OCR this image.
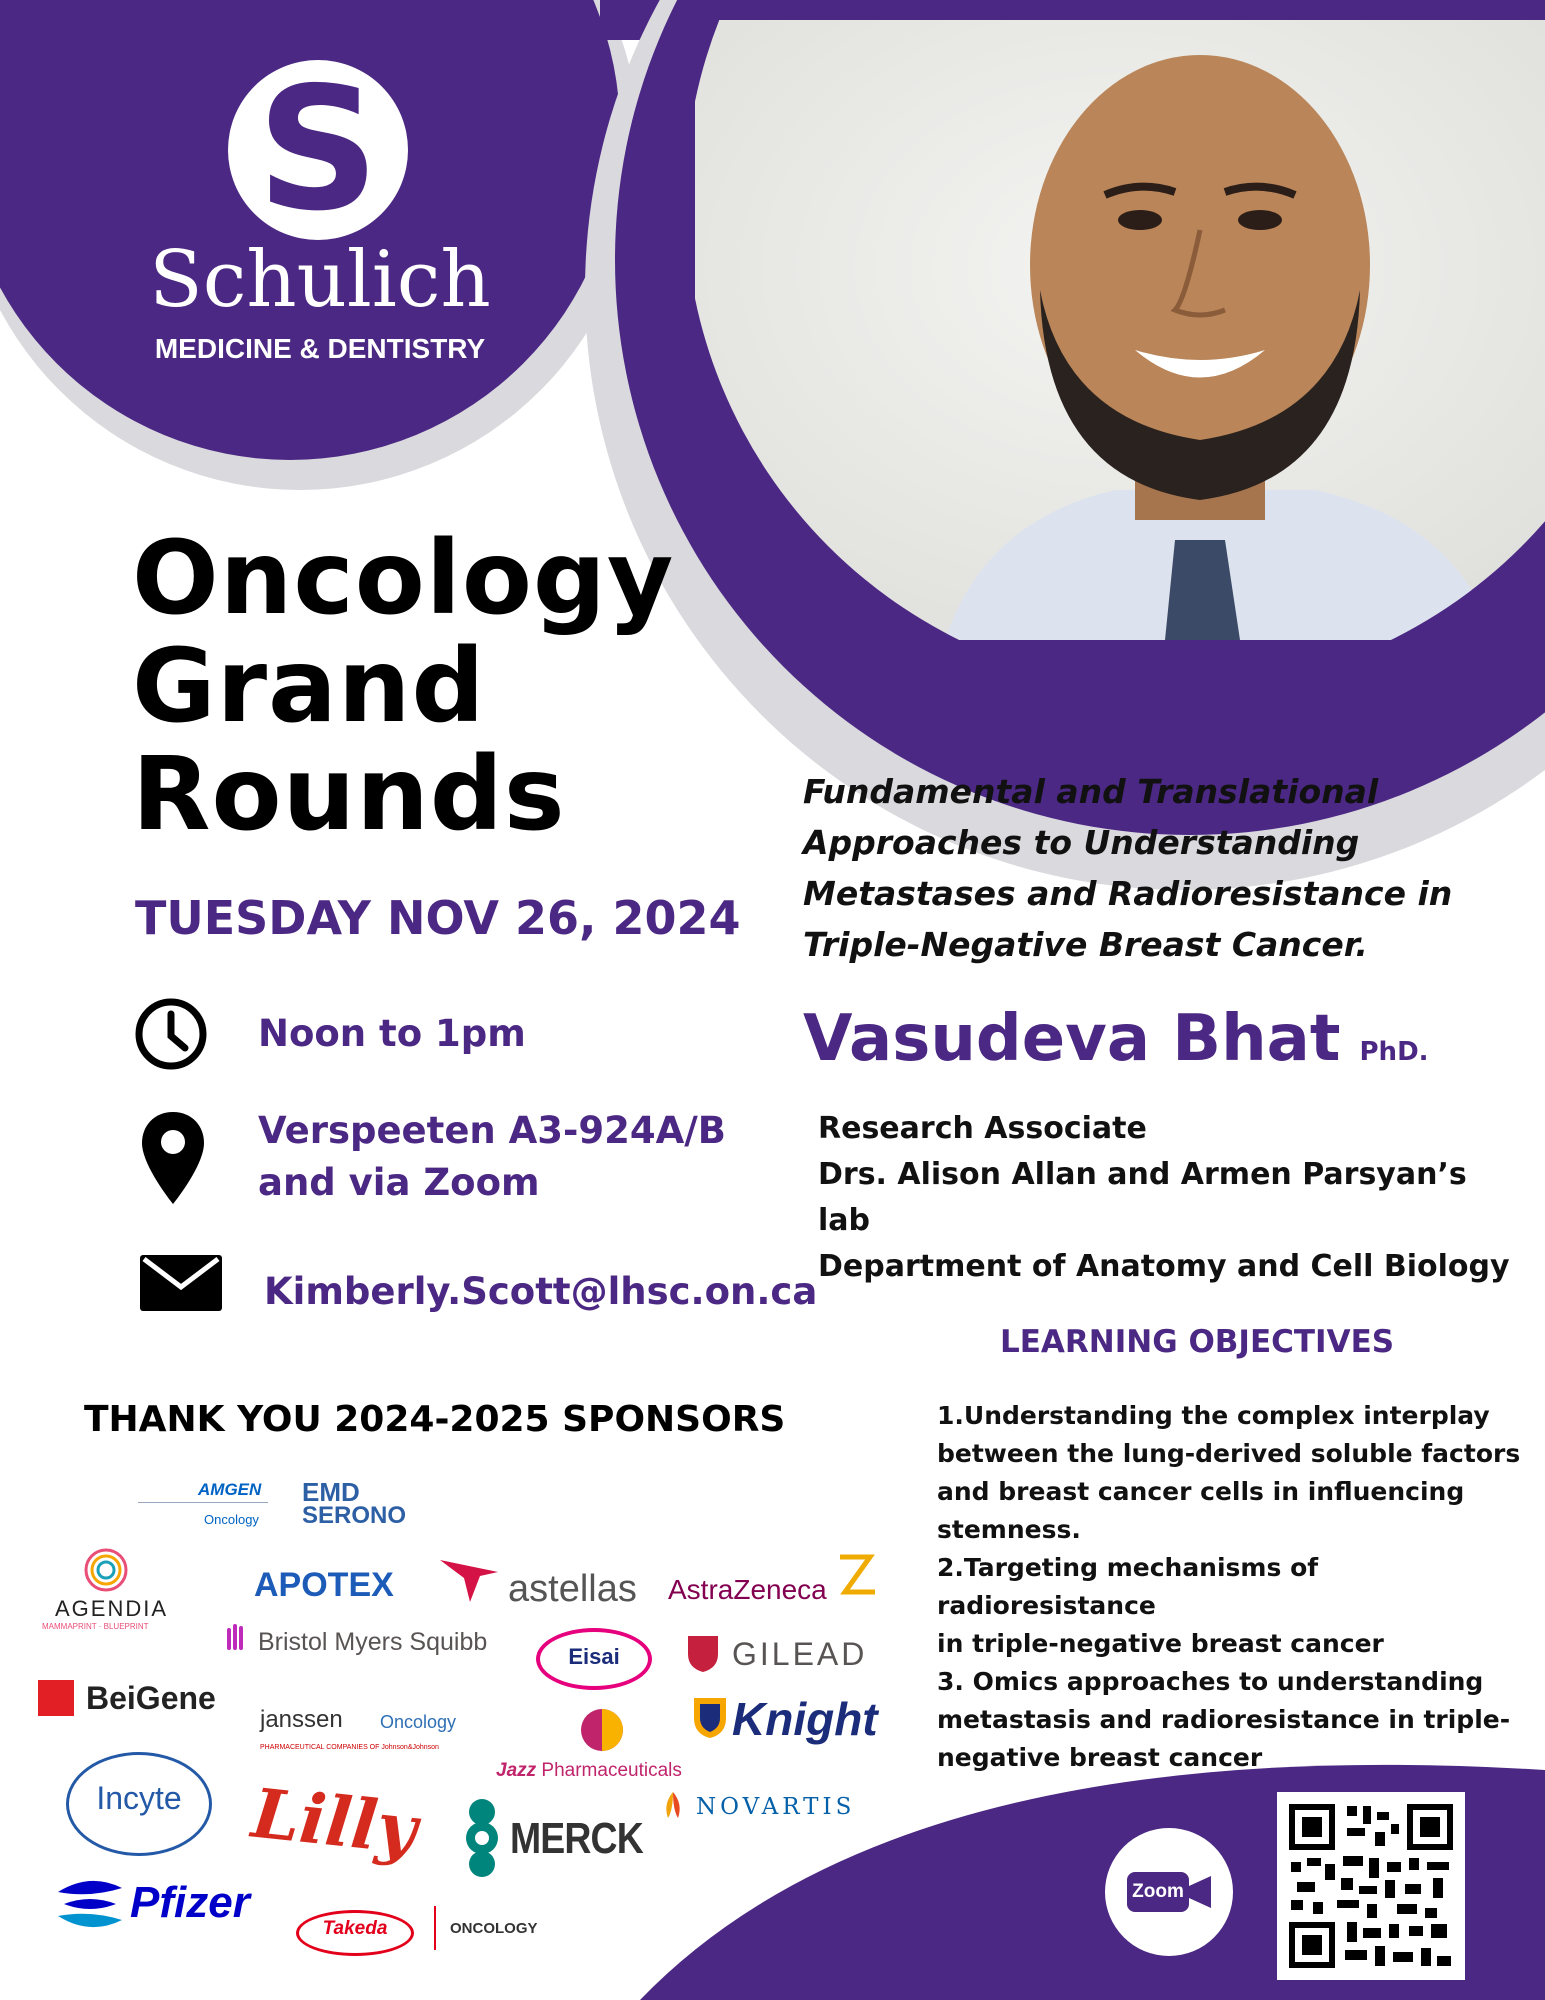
S
Schulich
MEDICINE & DENTISTRY
Oncology
Grand
Rounds
TUESDAY NOV 26, 2024
Noon to 1pm
Verspeeten A3-924A/B
and via Zoom
Kimberly.Scott@lhsc.on.ca
Fundamental and Translational
Approaches to Understanding
Metastases and Radioresistance in
Triple-Negative Breast Cancer.
Vasudeva Bhat PhD.
Research Associate
Drs. Alison Allan and Armen Parsyan’s lab
Department of Anatomy and Cell Biology
LEARNING OBJECTIVES
1.Understanding the complex interplay
between the lung-derived soluble factors
and breast cancer cells in influencing
stemness.
2.Targeting mechanisms of radioresistance
in triple-negative breast cancer
3. Omics approaches to understanding
metastasis and radioresistance in triple-
negative breast cancer
THANK YOU 2024-2025 SPONSORS
AMGEN
Oncology
EMD
SERONO
AGENDIA
MAMMAPRINT · BLUEPRINT
APOTEX	astellas AstraZeneca
Bristol Myers Squibb
Eisai	GILEAD
BeiGene
janssen Oncology
PHARMACEUTICAL COMPANIES OF Johnson&Johnson
Knight
Incyte
Jazz Pharmaceuticals
Lilly MERCK
NOVARTIS
Pfizer
Takeda	ONCOLOGY
Zoom
